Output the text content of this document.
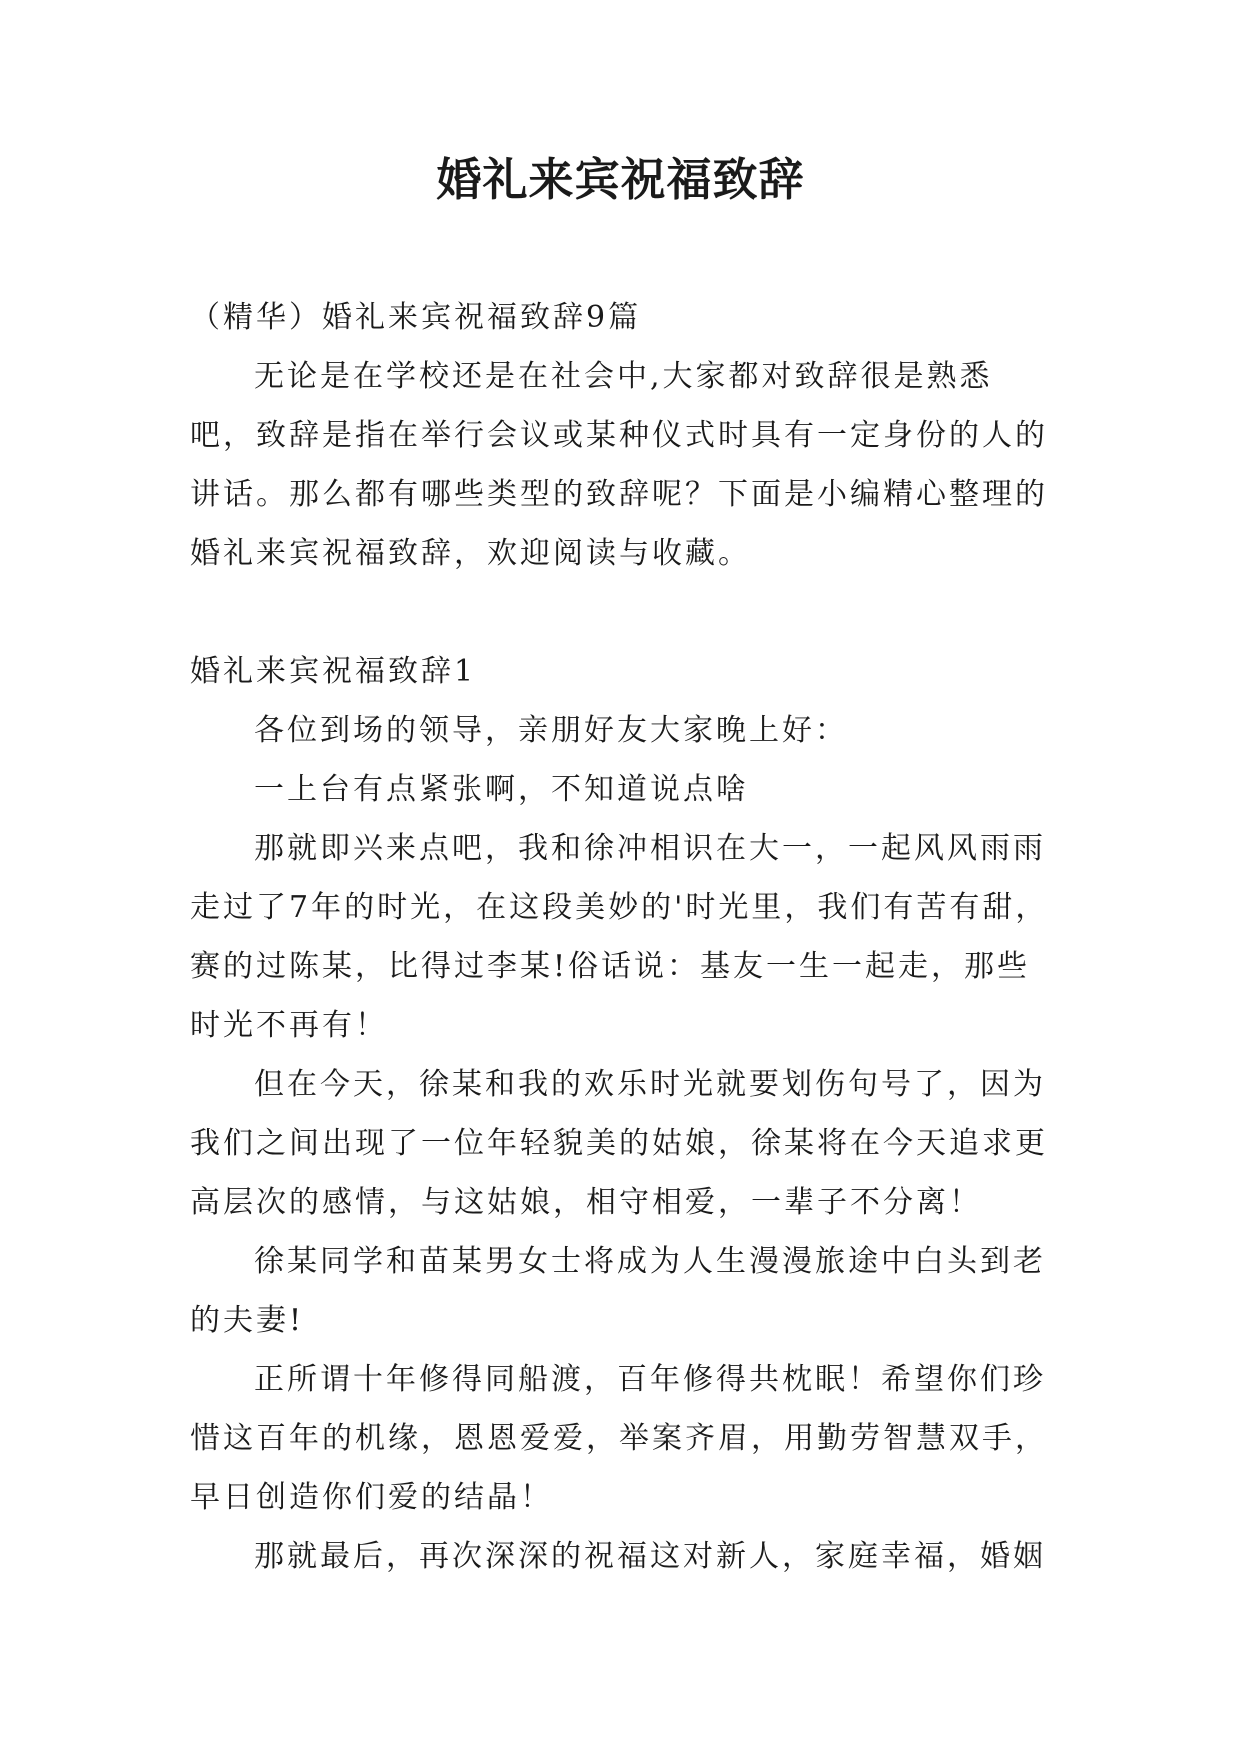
婚礼来宾祝福致辞

（精华）婚礼来宾祝福致辞9篇

无论是在学校还是在社会中,大家都对致辞很是熟悉吧，致辞是指在举行会议或某种仪式时具有一定身份的人的讲话。那么都有哪些类型的致辞呢？下面是小编精心整理的婚礼来宾祝福致辞，欢迎阅读与收藏。

婚礼来宾祝福致辞1

各位到场的领导，亲朋好友大家晚上好：

一上台有点紧张啊，不知道说点啥

那就即兴来点吧，我和徐冲相识在大一，一起风风雨雨走过了7年的时光，在这段美妙的'时光里，我们有苦有甜，赛的过陈某，比得过李某!俗话说：基友一生一起走，那些时光不再有！

但在今天，徐某和我的欢乐时光就要划伤句号了，因为我们之间出现了一位年轻貌美的姑娘，徐某将在今天追求更高层次的感情，与这姑娘，相守相爱，一辈子不分离！

徐某同学和苗某男女士将成为人生漫漫旅途中白头到老的夫妻!

正所谓十年修得同船渡，百年修得共枕眠！希望你们珍惜这百年的机缘，恩恩爱爱，举案齐眉，用勤劳智慧双手，早日创造你们爱的结晶！

那就最后，再次深深的祝福这对新人，家庭幸福，婚姻
